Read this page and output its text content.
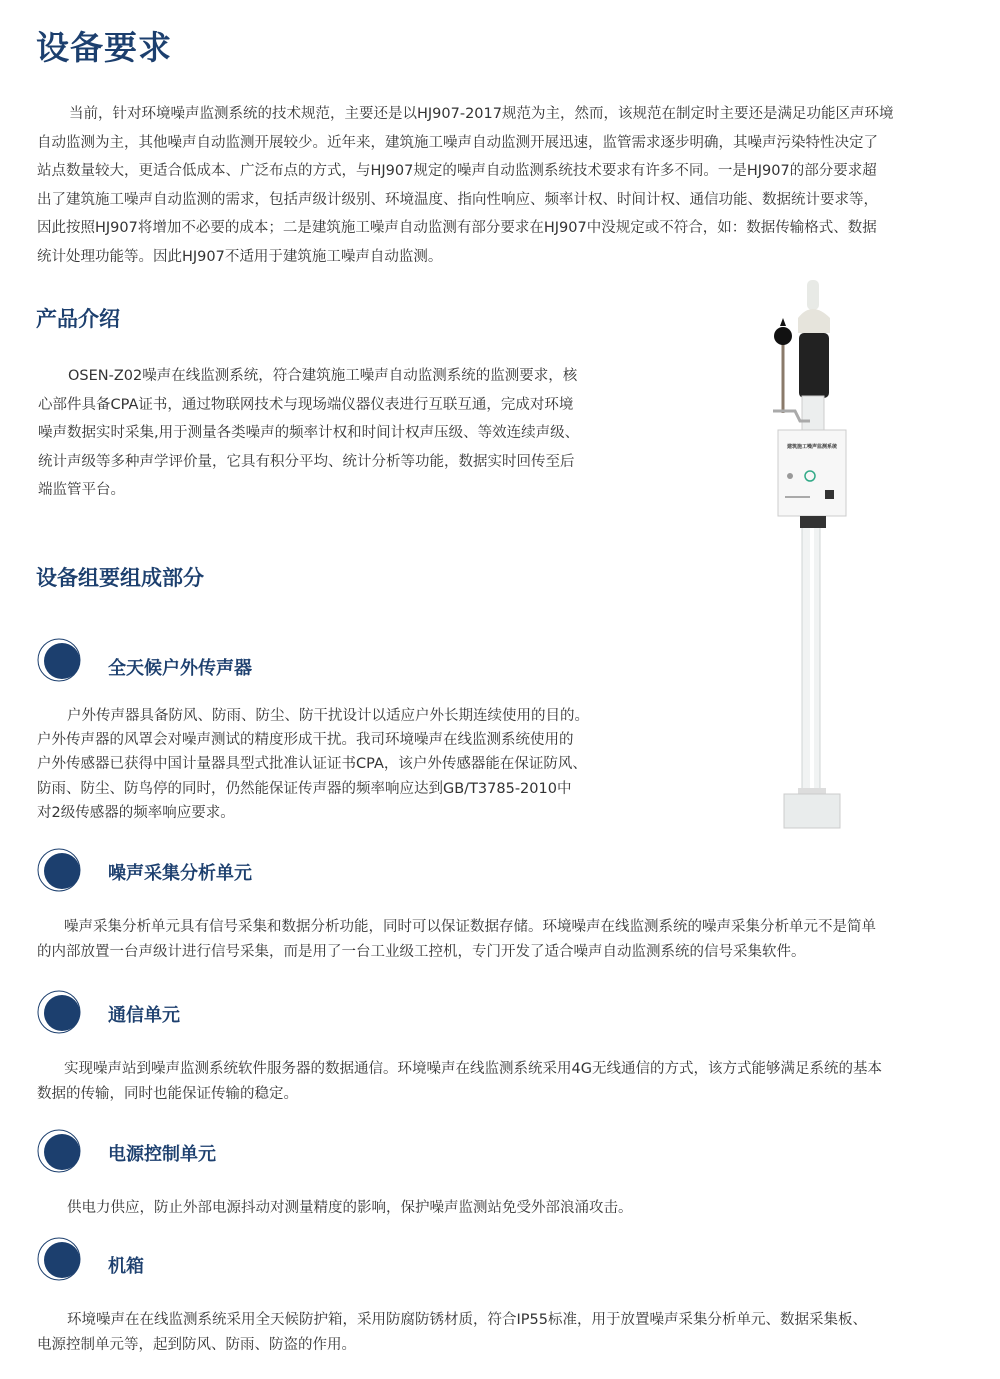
设备要求
当前，针对环境噪声监测系统的技术规范，主要还是以HJ907-2017规范为主，然而，该规范在制定时主要还是满足功能区声环境
自动监测为主，其他噪声自动监测开展较少。近年来，建筑施工噪声自动监测开展迅速，监管需求逐步明确，其噪声污染特性决定了
站点数量较大，更适合低成本、广泛布点的方式，与HJ907规定的噪声自动监测系统技术要求有许多不同。一是HJ907的部分要求超
出了建筑施工噪声自动监测的需求，包括声级计级别、环境温度、指向性响应、频率计权、时间计权、通信功能、数据统计要求等，
因此按照HJ907将增加不必要的成本；二是建筑施工噪声自动监测有部分要求在HJ907中没规定或不符合，如：数据传输格式、数据
统计处理功能等。因此HJ907不适用于建筑施工噪声自动监测。
产品介绍
OSEN-Z02噪声在线监测系统，符合建筑施工噪声自动监测系统的监测要求，核
心部件具备CPA证书，通过物联网技术与现场端仪器仪表进行互联互通，完成对环境
噪声数据实时采集,用于测量各类噪声的频率计权和时间计权声压级、等效连续声级、
统计声级等多种声学评价量，它具有积分平均、统计分析等功能，数据实时回传至后
端监管平台。
建筑施工噪声监测系统
设备组要组成部分
全天候户外传声器
户外传声器具备防风、防雨、防尘、防干扰设计以适应户外长期连续使用的目的。
户外传声器的风罩会对噪声测试的精度形成干扰。我司环境噪声在线监测系统使用的
户外传感器已获得中国计量器具型式批准认证证书CPA，该户外传感器能在保证防风、
防雨、防尘、防鸟停的同时，仍然能保证传声器的频率响应达到GB/T3785-2010中
对2级传感器的频率响应要求。
噪声采集分析单元
噪声采集分析单元具有信号采集和数据分析功能，同时可以保证数据存储。环境噪声在线监测系统的噪声采集分析单元不是简单
的内部放置一台声级计进行信号采集，而是用了一台工业级工控机，专门开发了适合噪声自动监测系统的信号采集软件。
通信单元
实现噪声站到噪声监测系统软件服务器的数据通信。环境噪声在线监测系统采用4G无线通信的方式，该方式能够满足系统的基本
数据的传输，同时也能保证传输的稳定。
电源控制单元
供电力供应，防止外部电源抖动对测量精度的影响，保护噪声监测站免受外部浪涌攻击。
机箱
环境噪声在在线监测系统采用全天候防护箱，采用防腐防锈材质，符合IP55标准，用于放置噪声采集分析单元、数据采集板、
电源控制单元等，起到防风、防雨、防盗的作用。
